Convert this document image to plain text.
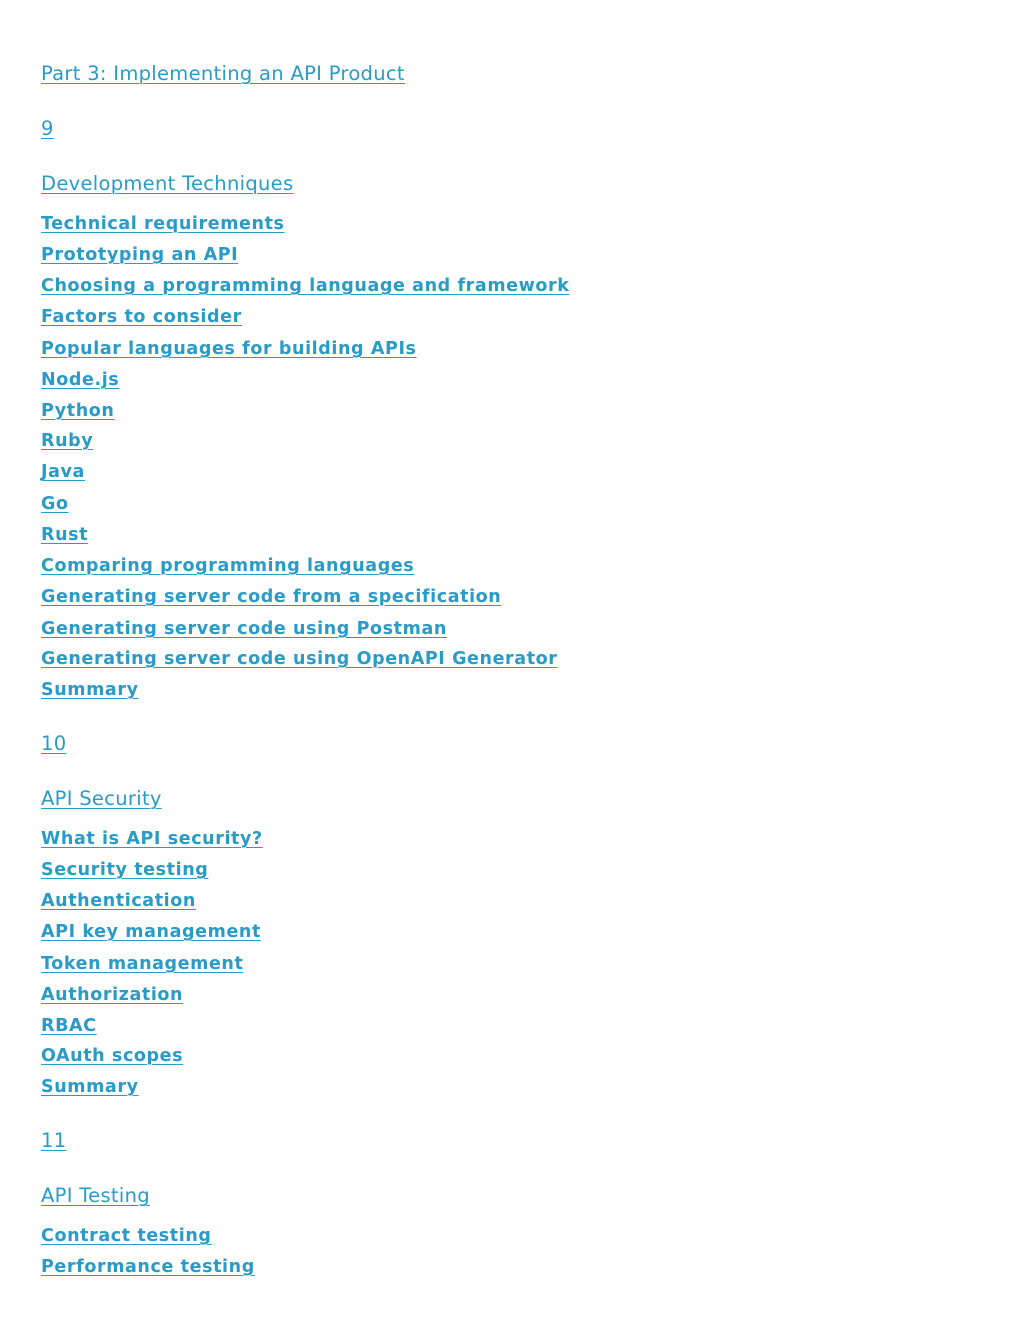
Part 3: Implementing an API Product
9
Development Techniques
Technical requirements
Prototyping an API
Choosing a programming language and framework
Factors to consider
Popular languages for building APIs
Node.js
Python
Ruby
Java
Go
Rust
Comparing programming languages
Generating server code from a specification
Generating server code using Postman
Generating server code using OpenAPI Generator
Summary
10
API Security
What is API security?
Security testing
Authentication
API key management
Token management
Authorization
RBAC
OAuth scopes
Summary
11
API Testing
Contract testing
Performance testing
